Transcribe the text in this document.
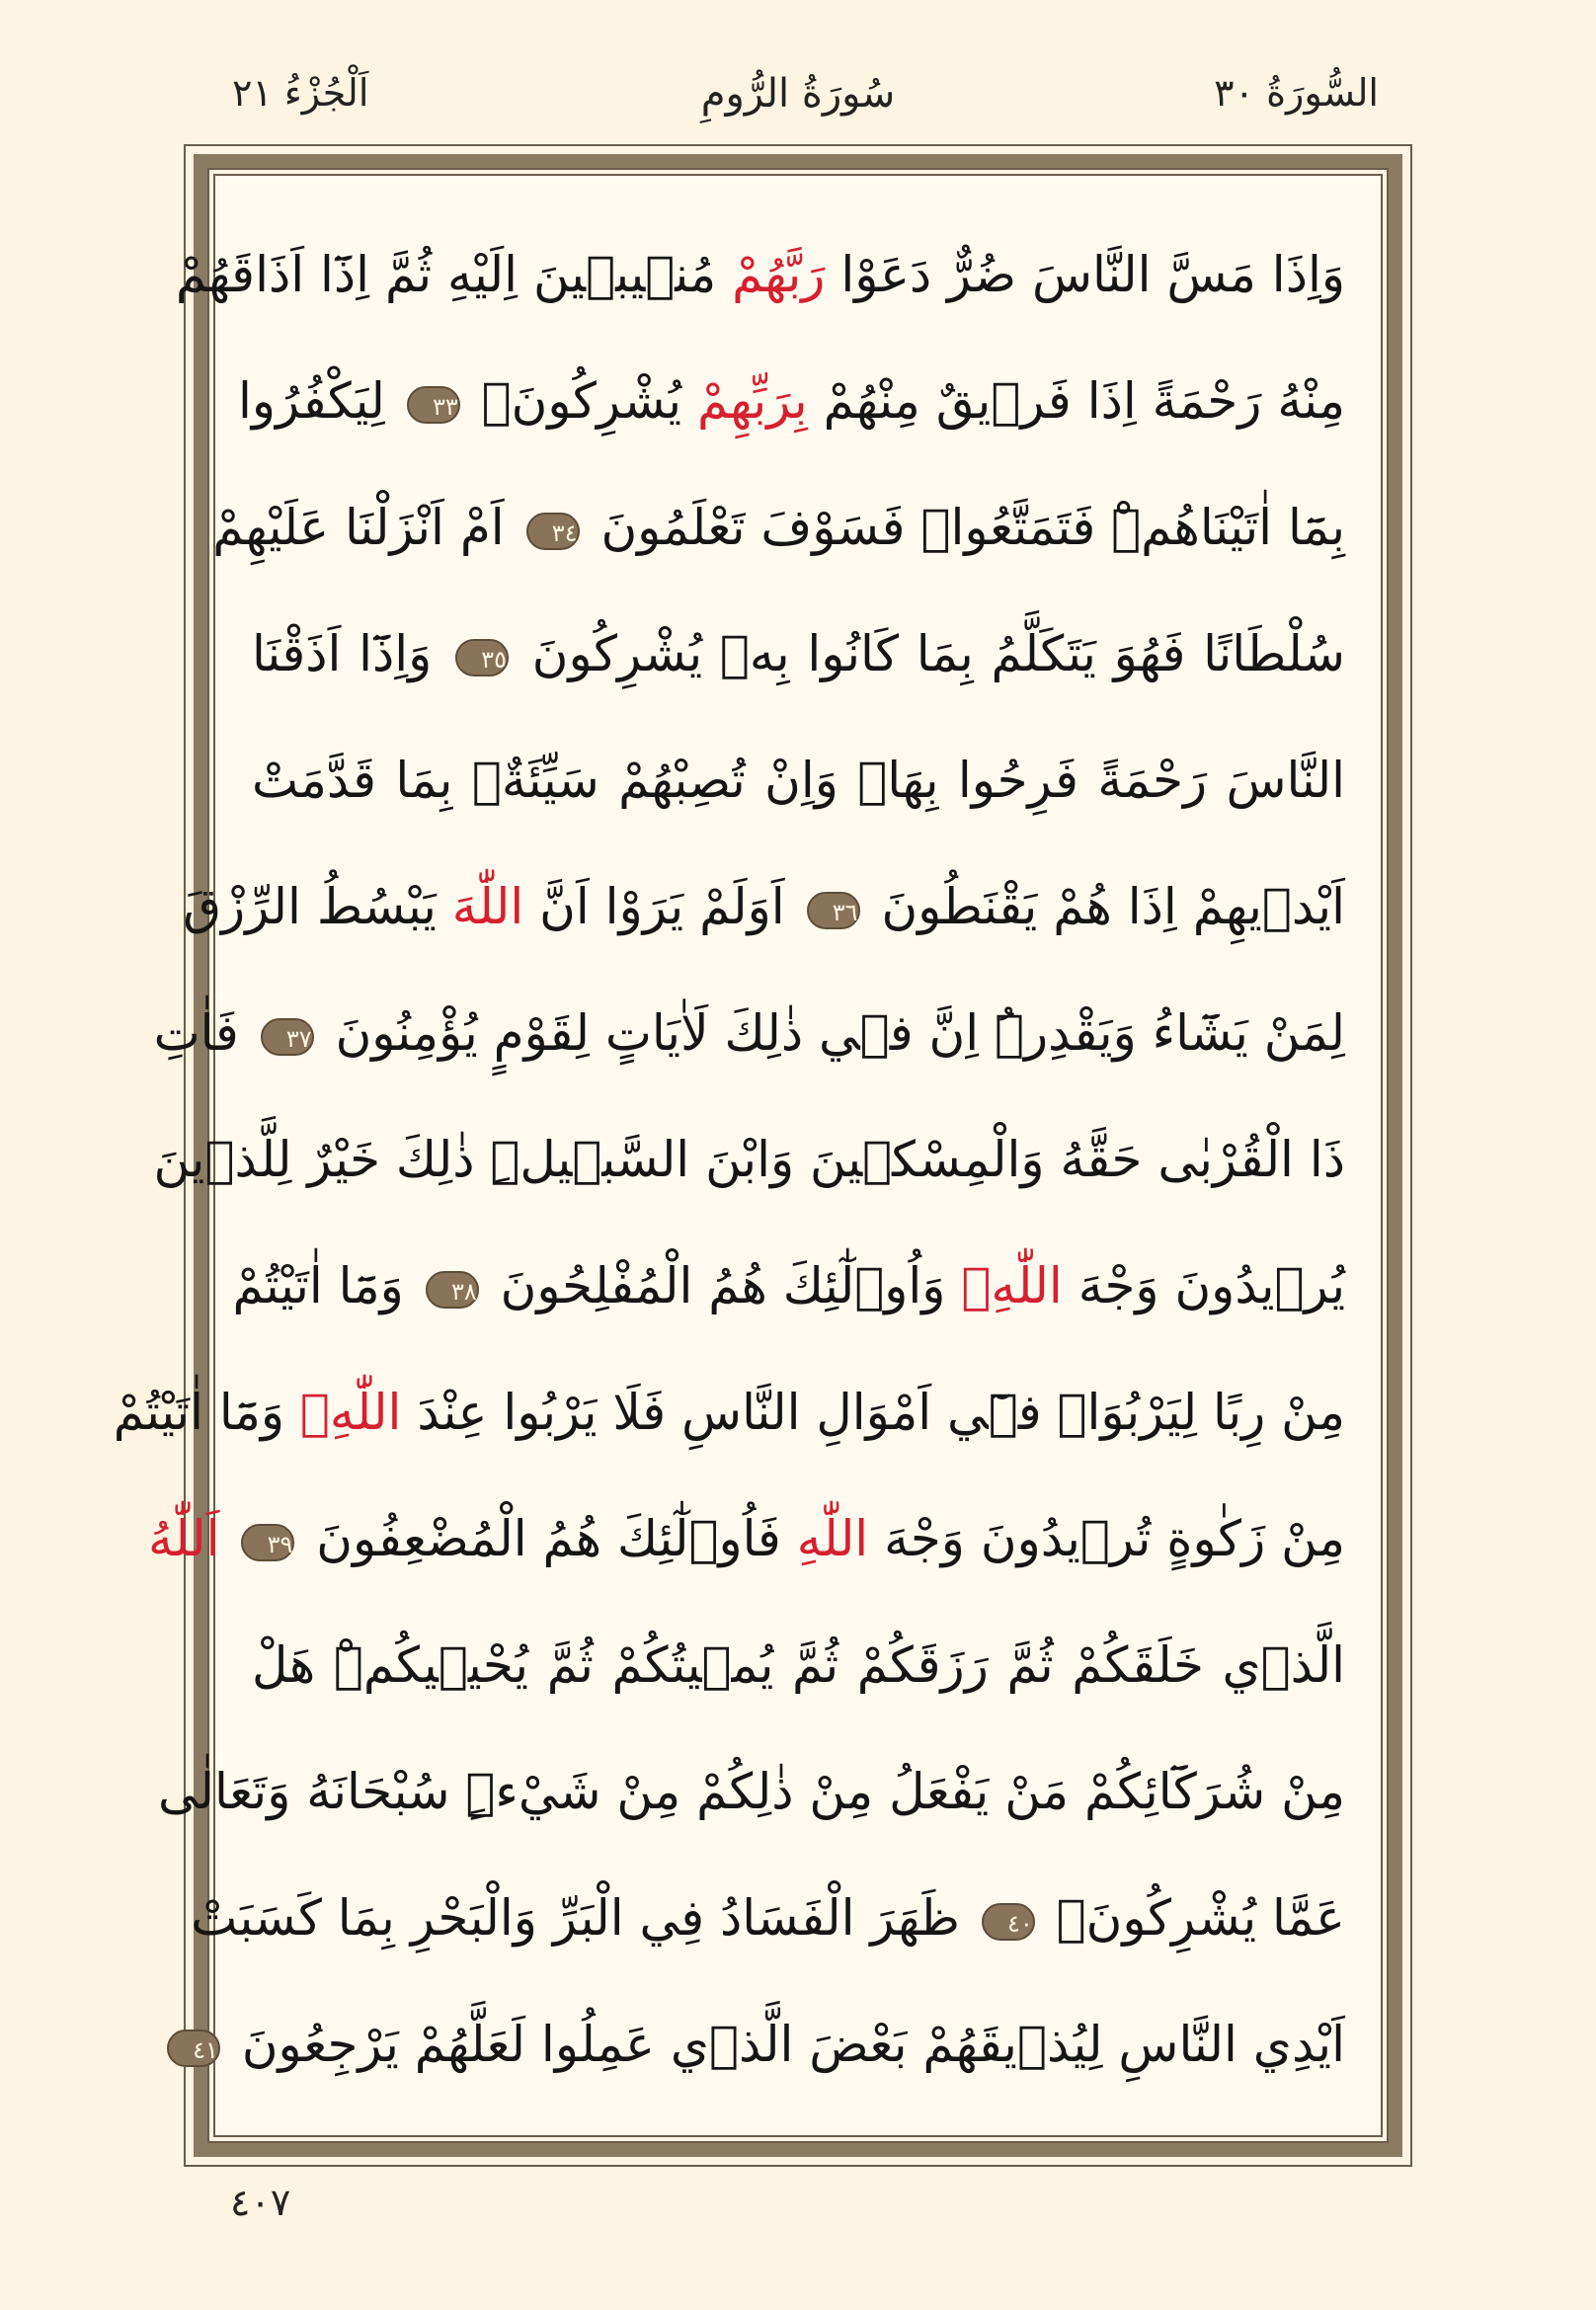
السُّورَةُ ٣٠
سُورَةُ الرُّومِ
اَلْجُزْءُ ٢١
وَاِذَا مَسَّ النَّاسَ ضُرٌّ دَعَوْا رَبَّهُمْ مُن۪يب۪ينَ اِلَيْهِ ثُمَّ اِذَٓا اَذَاقَهُمْ
مِنْهُ رَحْمَةً اِذَا فَر۪يقٌ مِنْهُمْ بِرَبِّهِمْ يُشْرِكُونَۙ ٣٣ لِيَكْفُرُوا
بِمَٓا اٰتَيْنَاهُمْۜ فَتَمَتَّعُواۤ فَسَوْفَ تَعْلَمُونَ ٣٤ اَمْ اَنْزَلْنَا عَلَيْهِمْ
سُلْطَانًا فَهُوَ يَتَكَلَّمُ بِمَا كَانُوا بِه۪ يُشْرِكُونَ ٣٥ وَاِذَٓا اَذَقْنَا
النَّاسَ رَحْمَةً فَرِحُوا بِهَاۜ وَاِنْ تُصِبْهُمْ سَيِّئَةٌۢ بِمَا قَدَّمَتْ
اَيْد۪يهِمْ اِذَا هُمْ يَقْنَطُونَ ٣٦ اَوَلَمْ يَرَوْا اَنَّ اللّٰهَ يَبْسُطُ الرِّزْقَ
لِمَنْ يَشَٓاءُ وَيَقْدِرُۜ اِنَّ ف۪ي ذٰلِكَ لَاٰيَاتٍ لِقَوْمٍ يُؤْمِنُونَ ٣٧ فَاٰتِ
ذَا الْقُرْبٰى حَقَّهُ وَالْمِسْك۪ينَ وَابْنَ السَّب۪يلِۜ ذٰلِكَ خَيْرٌ لِلَّذ۪ينَ
يُر۪يدُونَ وَجْهَ اللّٰهِۘ وَاُو۬لٰٓئِكَ هُمُ الْمُفْلِحُونَ ٣٨ وَمَٓا اٰتَيْتُمْ
مِنْ رِبًا لِيَرْبُوَا۬ ف۪ٓي اَمْوَالِ النَّاسِ فَلَا يَرْبُوا عِنْدَ اللّٰهِۚ وَمَٓا اٰتَيْتُمْ
مِنْ زَكٰوةٍ تُر۪يدُونَ وَجْهَ اللّٰهِ فَاُو۬لٰٓئِكَ هُمُ الْمُضْعِفُونَ ٣٩ اَللّٰهُ
الَّذ۪ي خَلَقَكُمْ ثُمَّ رَزَقَكُمْ ثُمَّ يُم۪يتُكُمْ ثُمَّ يُحْي۪يكُمْۜ هَلْ
مِنْ شُرَكَٓائِكُمْ مَنْ يَفْعَلُ مِنْ ذٰلِكُمْ مِنْ شَيْءٍۜ سُبْحَانَهُ وَتَعَالٰى
عَمَّا يُشْرِكُونَ۟ ٤٠ ظَهَرَ الْفَسَادُ فِي الْبَرِّ وَالْبَحْرِ بِمَا كَسَبَتْ
اَيْدِي النَّاسِ لِيُذ۪يقَهُمْ بَعْضَ الَّذ۪ي عَمِلُوا لَعَلَّهُمْ يَرْجِعُونَ ٤١
٤٠٧
